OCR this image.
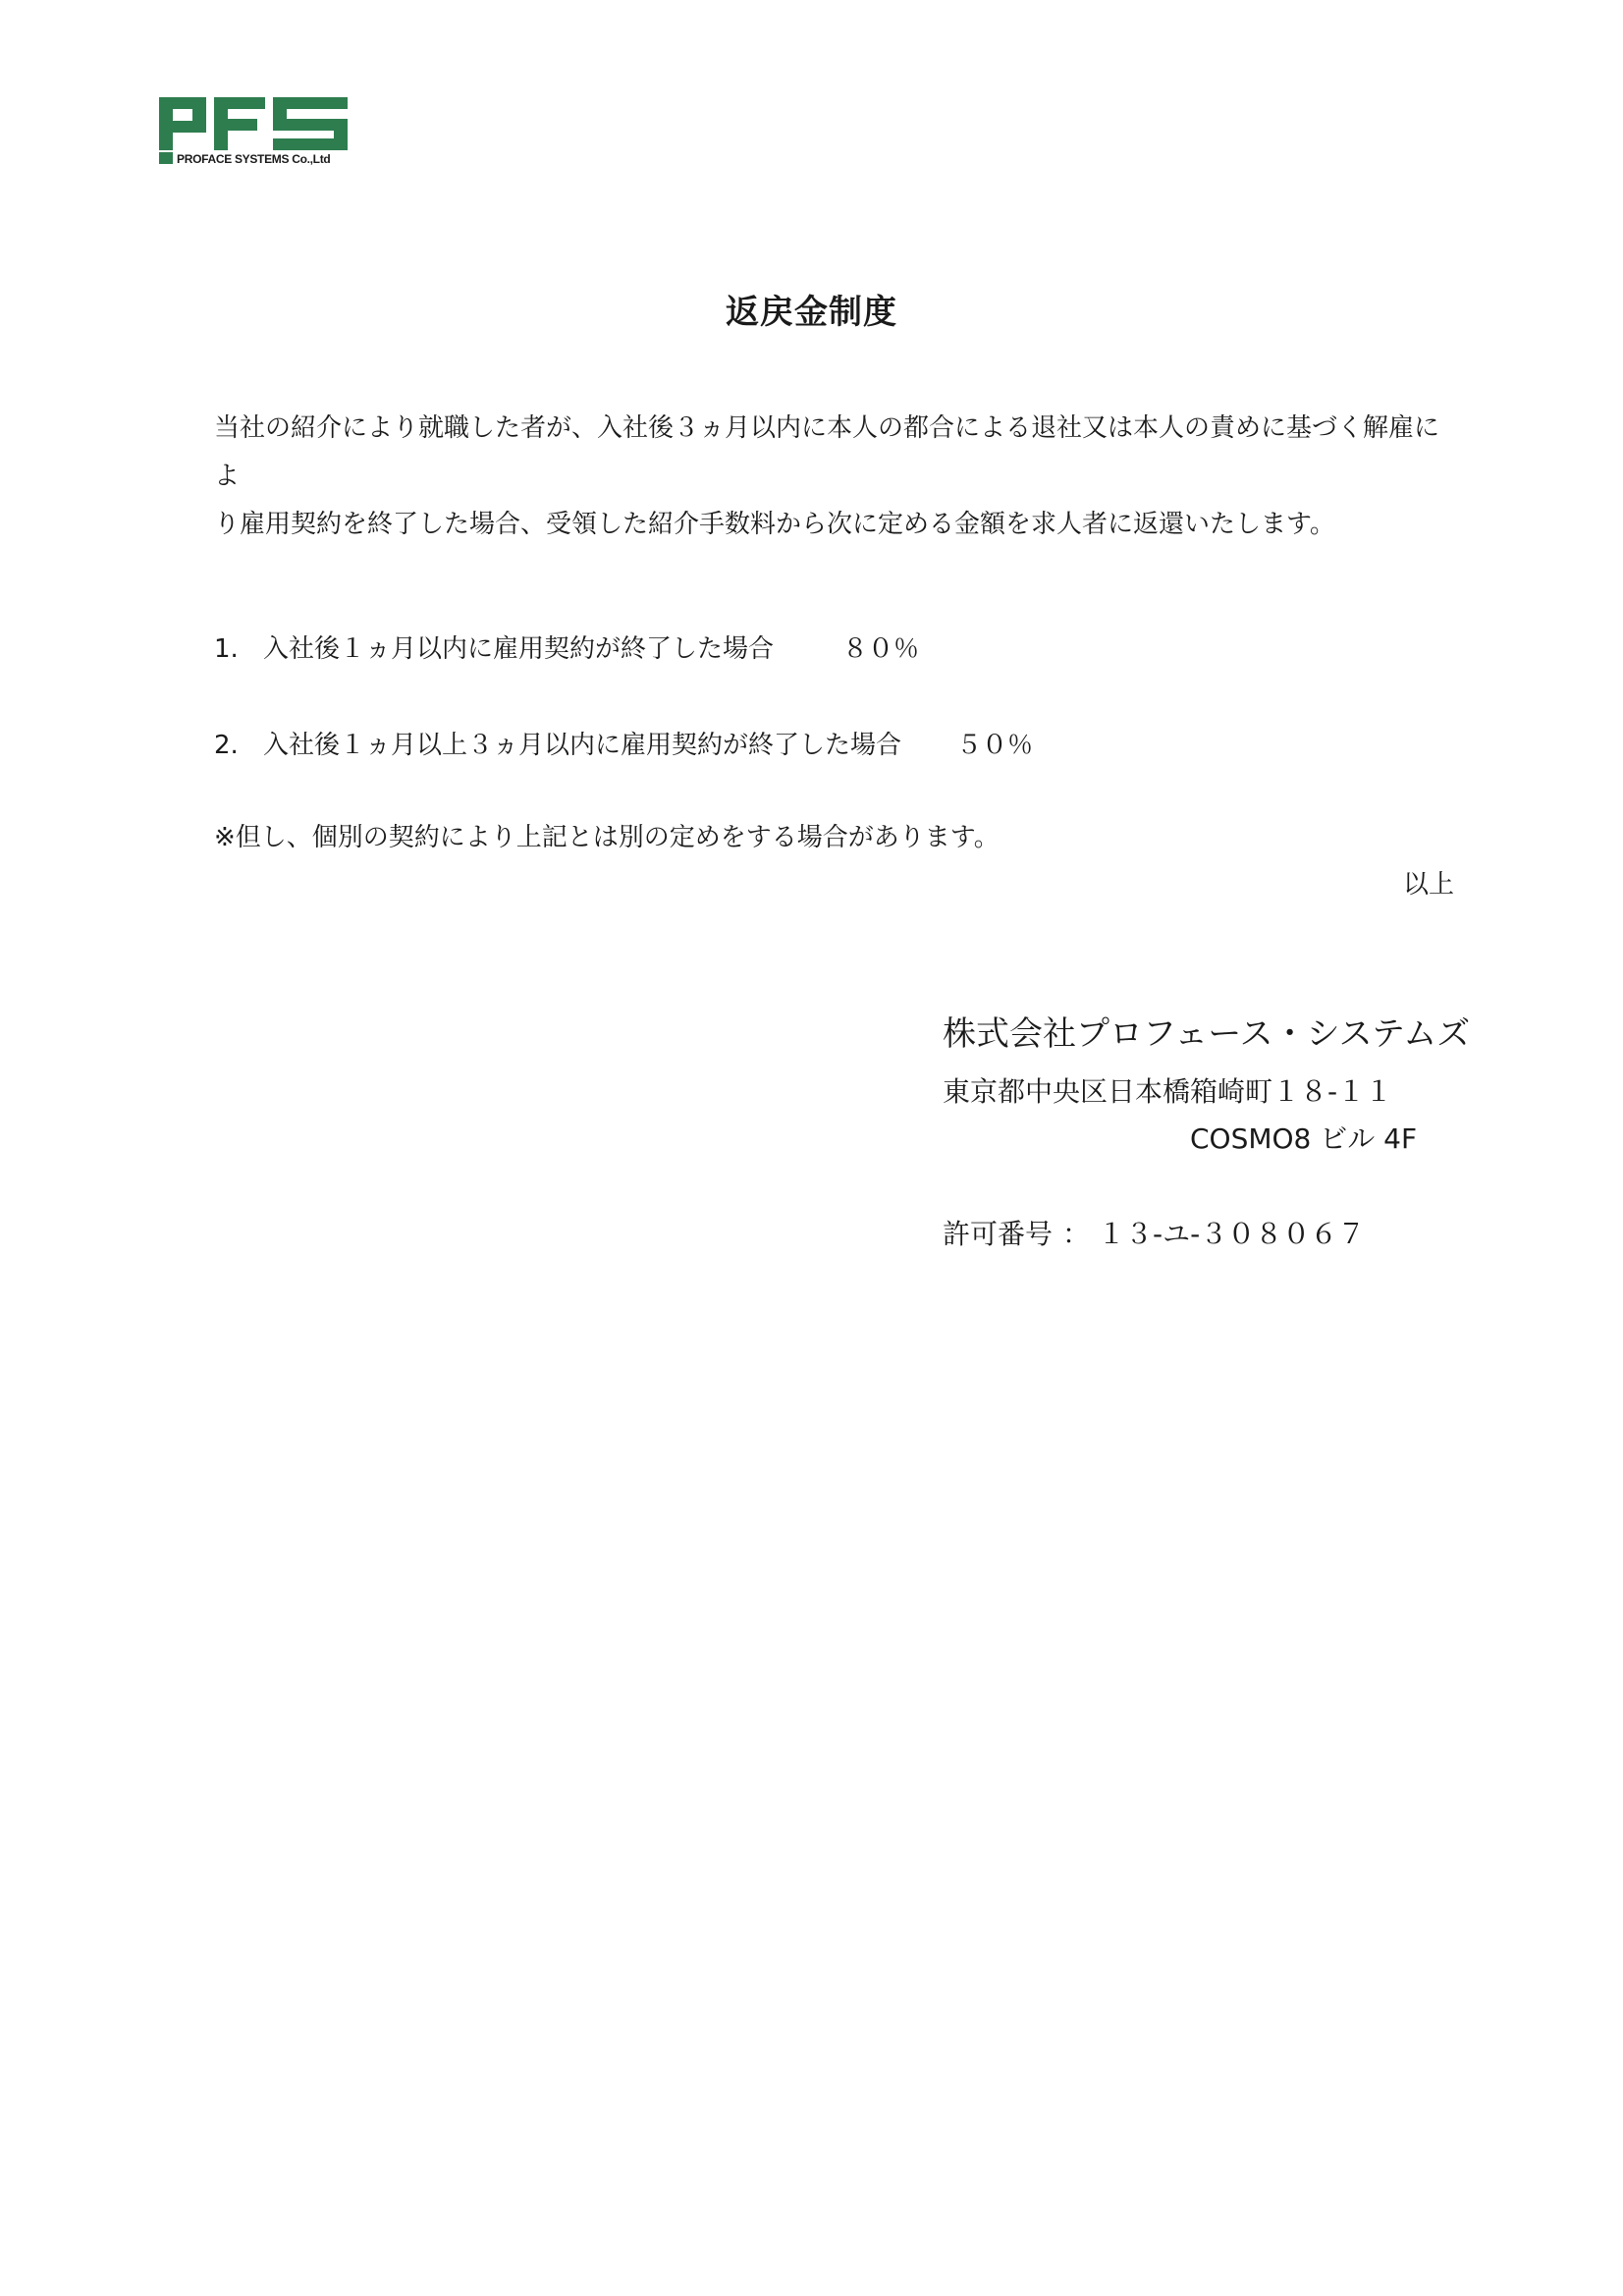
PROFACE SYSTEMS Co.,Ltd
返戻金制度
当社の紹介により就職した者が、入社後３ヵ月以内に本人の都合による退社又は本人の責めに基づく解雇によ
り雇用契約を終了した場合、受領した紹介手数料から次に定める金額を求人者に返還いたします。
1. 入社後１ヵ月以内に雇用契約が終了した場合	８０％
2. 入社後１ヵ月以上３ヵ月以内に雇用契約が終了した場合 ５０％
※但し、個別の契約により上記とは別の定めをする場合があります。
以上
株式会社プロフェース・システムズ
東京都中央区日本橋箱崎町１８-１１
COSMO8 ビル 4F
許可番号 ： １３-ユ-３０８０６７
